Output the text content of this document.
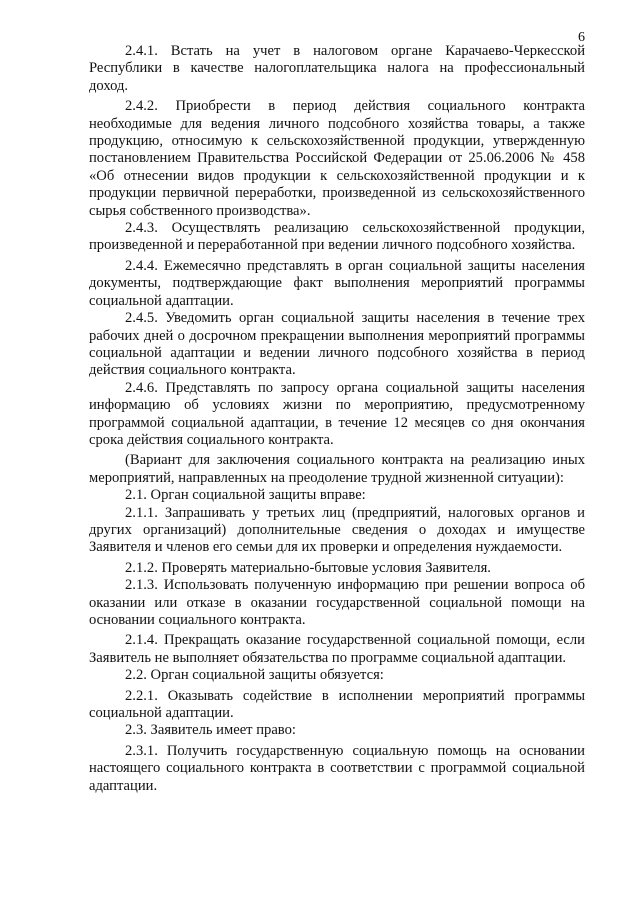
6

2.4.1. Встать на учет в налоговом органе Карачаево-Черкесской Республики в качестве налогоплательщика налога на профессиональный доход.

2.4.2. Приобрести в период действия социального контракта необходимые для ведения личного подсобного хозяйства товары, а также продукцию, относимую к сельскохозяйственной продукции, утвержденную постановлением Правительства Российской Федерации от 25.06.2006 № 458 «Об отнесении видов продукции к сельскохозяйственной продукции и к продукции первичной переработки, произведенной из сельскохозяйственного сырья собственного производства».

2.4.3. Осуществлять реализацию сельскохозяйственной продукции, произведенной и переработанной при ведении личного подсобного хозяйства.

2.4.4. Ежемесячно представлять в орган социальной защиты населения документы, подтверждающие факт выполнения мероприятий программы социальной адаптации.

2.4.5. Уведомить орган социальной защиты населения в течение трех рабочих дней о досрочном прекращении выполнения мероприятий программы социальной адаптации и ведении личного подсобного хозяйства в период действия социального контракта.

2.4.6. Представлять по запросу органа социальной защиты населения информацию об условиях жизни по мероприятию, предусмотренному программой социальной адаптации, в течение 12 месяцев со дня окончания срока действия социального контракта.

(Вариант для заключения социального контракта на реализацию иных мероприятий, направленных на преодоление трудной жизненной ситуации):

2.1. Орган социальной защиты вправе:

2.1.1. Запрашивать у третьих лиц (предприятий, налоговых органов и других организаций) дополнительные сведения о доходах и имуществе Заявителя и членов его семьи для их проверки и определения нуждаемости.

2.1.2. Проверять материально-бытовые условия Заявителя.

2.1.3. Использовать полученную информацию при решении вопроса об оказании или отказе в оказании государственной социальной помощи на основании социального контракта.

2.1.4. Прекращать оказание государственной социальной помощи, если Заявитель не выполняет обязательства по программе социальной адаптации.

2.2. Орган социальной защиты обязуется:

2.2.1. Оказывать содействие в исполнении мероприятий программы социальной адаптации.

2.3. Заявитель имеет право:

2.3.1. Получить государственную социальную помощь на основании настоящего социального контракта в соответствии с программой социальной адаптации.
